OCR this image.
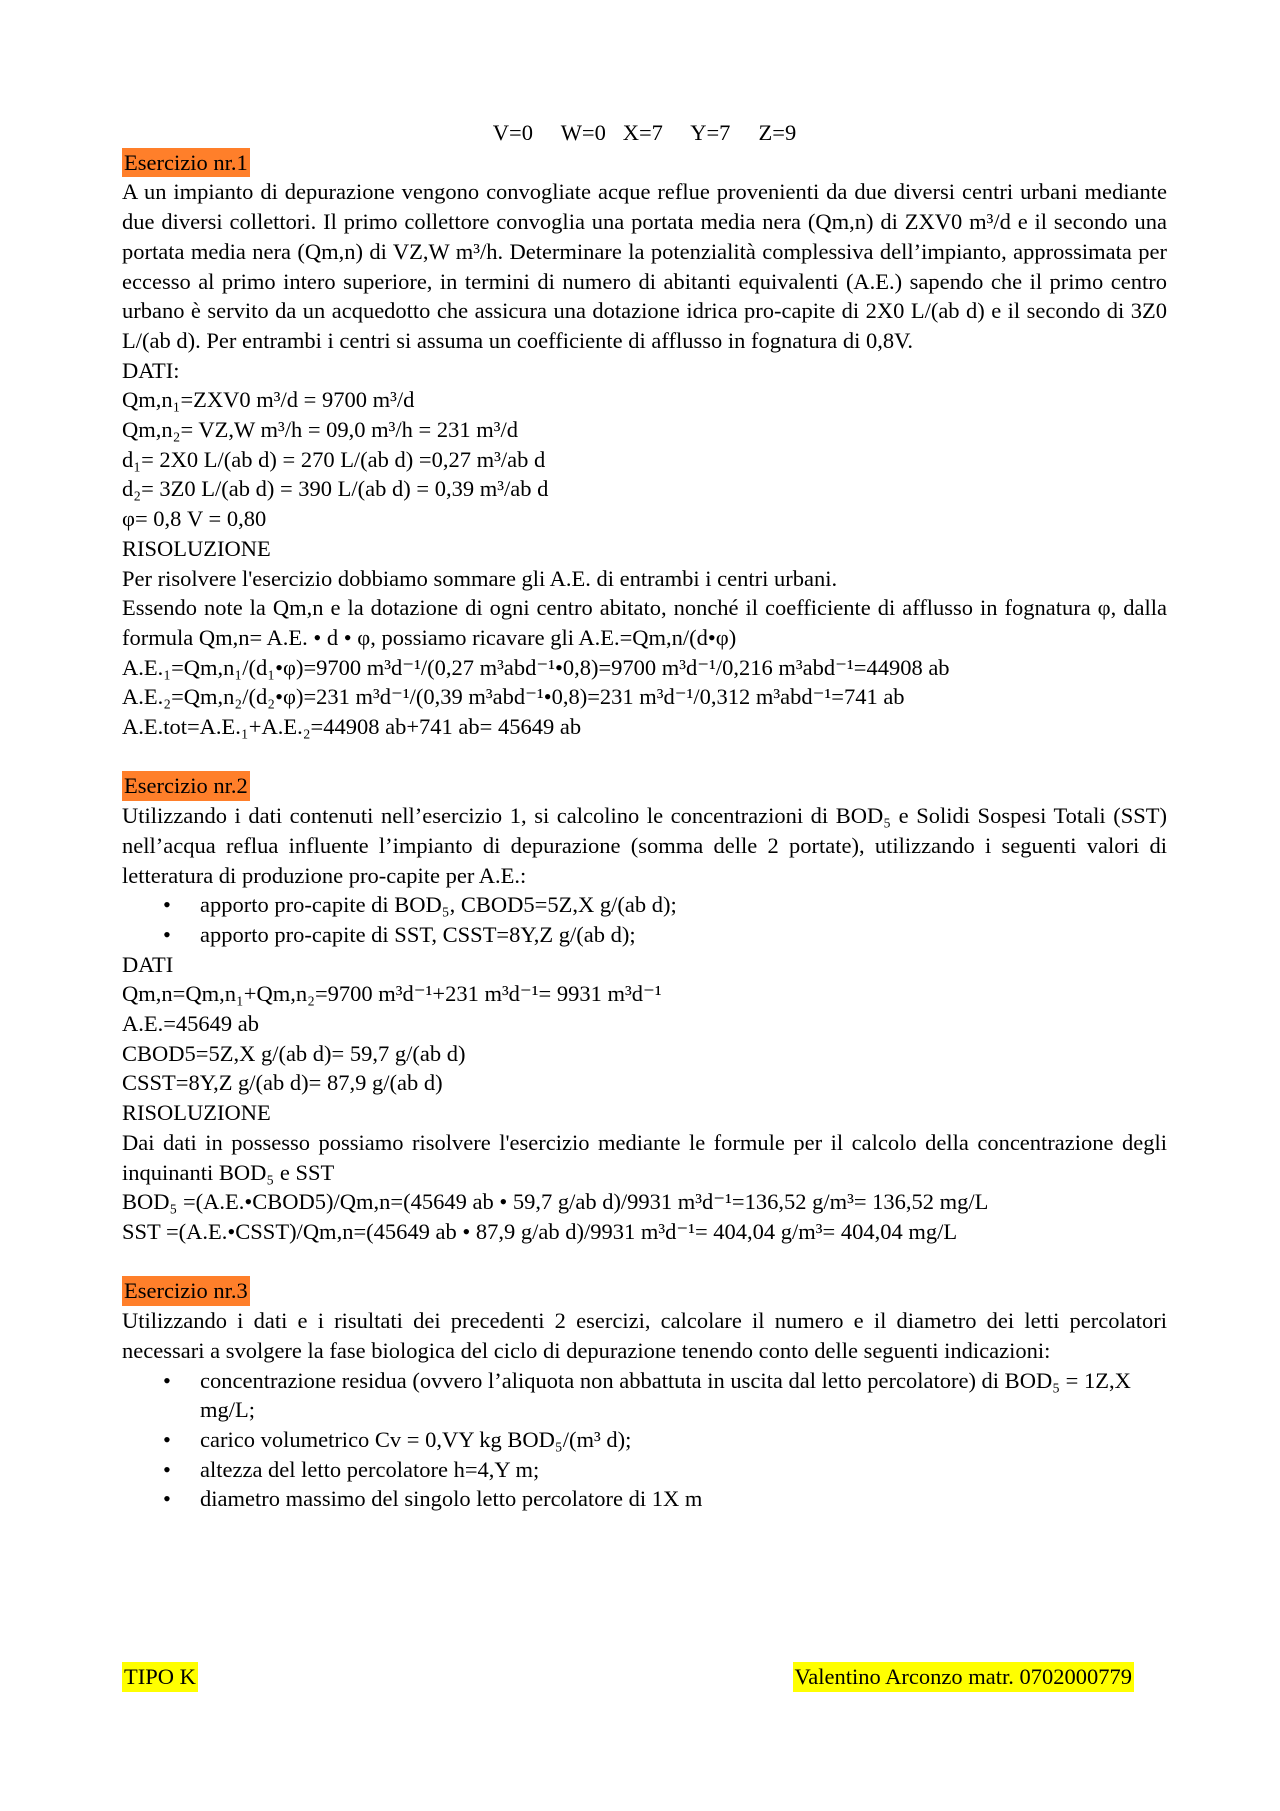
V=0     W=0   X=7     Y=7     Z=9

Esercizio nr.1

A un impianto di depurazione vengono convogliate acque reflue provenienti da due diversi centri urbani mediante due diversi collettori. Il primo collettore convoglia una portata media nera (Qm,n) di ZXV0 m³/d e il secondo una portata media nera (Qm,n) di VZ,W m³/h. Determinare la potenzialità complessiva dell’impianto, approssimata per eccesso al primo intero superiore, in termini di numero di abitanti equivalenti (A.E.) sapendo che il primo centro urbano è servito da un acquedotto che assicura una dotazione idrica pro-capite di 2X0 L/(ab d) e il secondo di 3Z0 L/(ab d). Per entrambi i centri si assuma un coefficiente di afflusso in fognatura di 0,8V.

DATI:

Qm,n₁=ZXV0 m³/d = 9700 m³/d

Qm,n₂= VZ,W m³/h = 09,0 m³/h = 231 m³/d

d₁= 2X0 L/(ab d) = 270 L/(ab d) =0,27 m³/ab d

d₂= 3Z0 L/(ab d) = 390 L/(ab d) = 0,39 m³/ab d

φ= 0,8 V = 0,80

RISOLUZIONE

Per risolvere l'esercizio dobbiamo sommare gli A.E. di entrambi i centri urbani.

Essendo note la Qm,n e la dotazione di ogni centro abitato, nonché il coefficiente di afflusso in fognatura φ, dalla formula Qm,n= A.E. • d • φ, possiamo ricavare gli A.E.=Qm,n/(d•φ)

A.E.₁=Qm,n₁/(d₁•φ)=9700 m³d⁻¹/(0,27 m³abd⁻¹•0,8)=9700 m³d⁻¹/0,216 m³abd⁻¹=44908 ab

A.E.₂=Qm,n₂/(d₂•φ)=231 m³d⁻¹/(0,39 m³abd⁻¹•0,8)=231 m³d⁻¹/0,312 m³abd⁻¹=741 ab

A.E.tot=A.E.₁+A.E.₂=44908 ab+741 ab= 45649 ab

Esercizio nr.2

Utilizzando i dati contenuti nell’esercizio 1, si calcolino le concentrazioni di BOD₅ e Solidi Sospesi Totali (SST) nell’acqua reflua influente l’impianto di depurazione (somma delle 2 portate), utilizzando i seguenti valori di letteratura di produzione pro-capite per A.E.:

• apporto pro-capite di BOD₅, CBOD5=5Z,X g/(ab d);
• apporto pro-capite di SST, CSST=8Y,Z g/(ab d);

DATI

Qm,n=Qm,n₁+Qm,n₂=9700 m³d⁻¹+231 m³d⁻¹= 9931 m³d⁻¹

A.E.=45649 ab

CBOD5=5Z,X g/(ab d)= 59,7 g/(ab d)

CSST=8Y,Z g/(ab d)= 87,9 g/(ab d)

RISOLUZIONE

Dai dati in possesso possiamo risolvere l'esercizio mediante le formule per il calcolo della concentrazione degli inquinanti BOD₅ e SST

BOD₅ =(A.E.•CBOD5)/Qm,n=(45649 ab • 59,7 g/ab d)/9931 m³d⁻¹=136,52 g/m³= 136,52 mg/L

SST =(A.E.•CSST)/Qm,n=(45649 ab • 87,9 g/ab d)/9931 m³d⁻¹= 404,04 g/m³= 404,04 mg/L

Esercizio nr.3

Utilizzando i dati e i risultati dei precedenti 2 esercizi, calcolare il numero e il diametro dei letti percolatori necessari a svolgere la fase biologica del ciclo di depurazione tenendo conto delle seguenti indicazioni:

• concentrazione residua (ovvero l’aliquota non abbattuta in uscita dal letto percolatore) di BOD₅ = 1Z,X mg/L;
• carico volumetrico Cv = 0,VY kg BOD₅/(m³ d);
• altezza del letto percolatore h=4,Y m;
• diametro massimo del singolo letto percolatore di 1X m
TIPO K	Valentino Arconzo matr. 0702000779
